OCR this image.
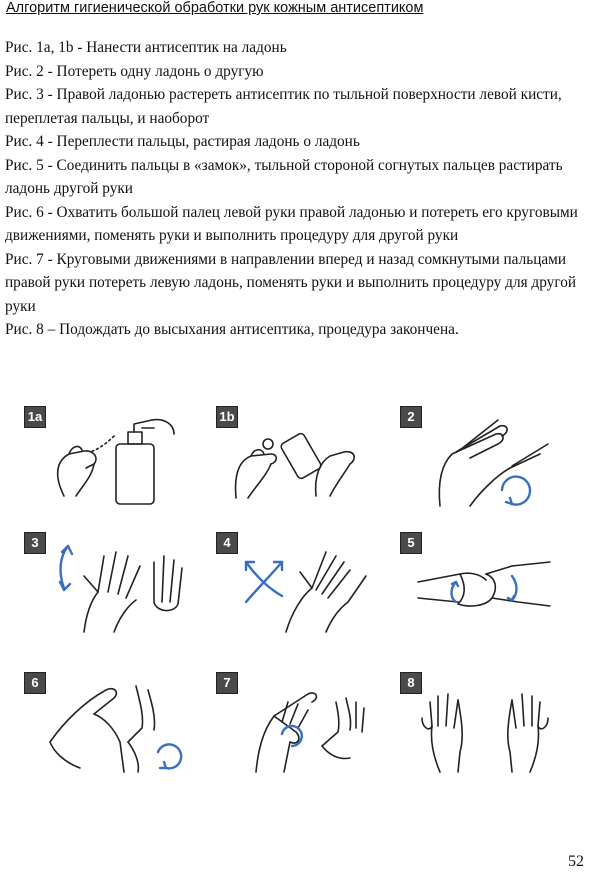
Алгоритм гигиенической обработки рук кожным антисептиком

Рис. 1а, 1b - Нанести антисептик на ладонь

Рис. 2 - Потереть одну ладонь о другую

Рис. 3 - Правой ладонью растереть антисептик по тыльной поверхности левой кисти, переплетая пальцы, и наоборот

Рис. 4 - Переплести пальцы, растирая ладонь о ладонь

Рис. 5 - Соединить пальцы в «замок», тыльной стороной согнутых пальцев растирать ладонь другой руки

Рис. 6 - Охватить большой палец левой руки правой ладонью и потереть его круговыми движениями, поменять руки и выполнить процедуру для другой руки

Рис. 7 - Круговыми движениями в направлении вперед и назад сомкнутыми пальцами правой руки потереть левую ладонь, поменять руки и выполнить процедуру для другой руки

Рис. 8 – Подождать до высыхания антисептика, процедура закончена.

1a	1b	2
3	4	5
6	7	8
52
